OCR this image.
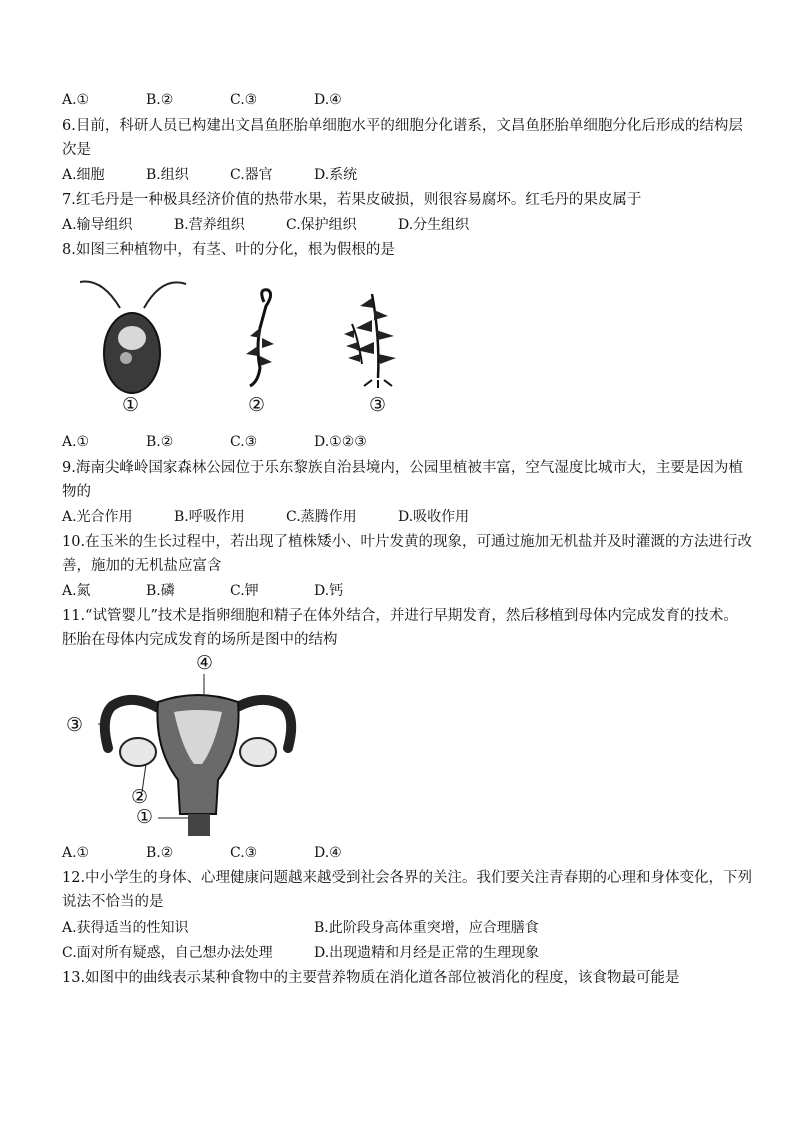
A.①	B.②	C.③	D.④
6.目前，科研人员已构建出文昌鱼胚胎单细胞水平的细胞分化谱系，文昌鱼胚胎单细胞分化后形成的结构层
次是
A.细胞	B.组织	C.器官	D.系统
7.红毛丹是一种极具经济价值的热带水果，若果皮破损，则很容易腐坏。红毛丹的果皮属于
A.输导组织	B.营养组织	C.保护组织	D.分生组织
8.如图三种植物中，有茎、叶的分化，根为假根的是
①	②	③
A.①	B.②	C.③	D.①②③
9.海南尖峰岭国家森林公园位于乐东黎族自治县境内，公园里植被丰富，空气湿度比城市大，主要是因为植
物的
A.光合作用	B.呼吸作用	C.蒸腾作用	D.吸收作用
10.在玉米的生长过程中，若出现了植株矮小、叶片发黄的现象，可通过施加无机盐并及时灌溉的方法进行改
善，施加的无机盐应富含
A.氮	B.磷	C.钾	D.钙
11.“试管婴儿”技术是指卵细胞和精子在体外结合，并进行早期发育，然后移植到母体内完成发育的技术。
胚胎在母体内完成发育的场所是图中的结构
④
③
②
①
A.①	B.②	C.③	D.④
12.中小学生的身体、心理健康问题越来越受到社会各界的关注。我们要关注青春期的心理和身体变化，下列
说法不恰当的是
A.获得适当的性知识	B.此阶段身高体重突增，应合理膳食
C.面对所有疑惑，自己想办法处理	D.出现遗精和月经是正常的生理现象
13.如图中的曲线表示某种食物中的主要营养物质在消化道各部位被消化的程度，该食物最可能是
